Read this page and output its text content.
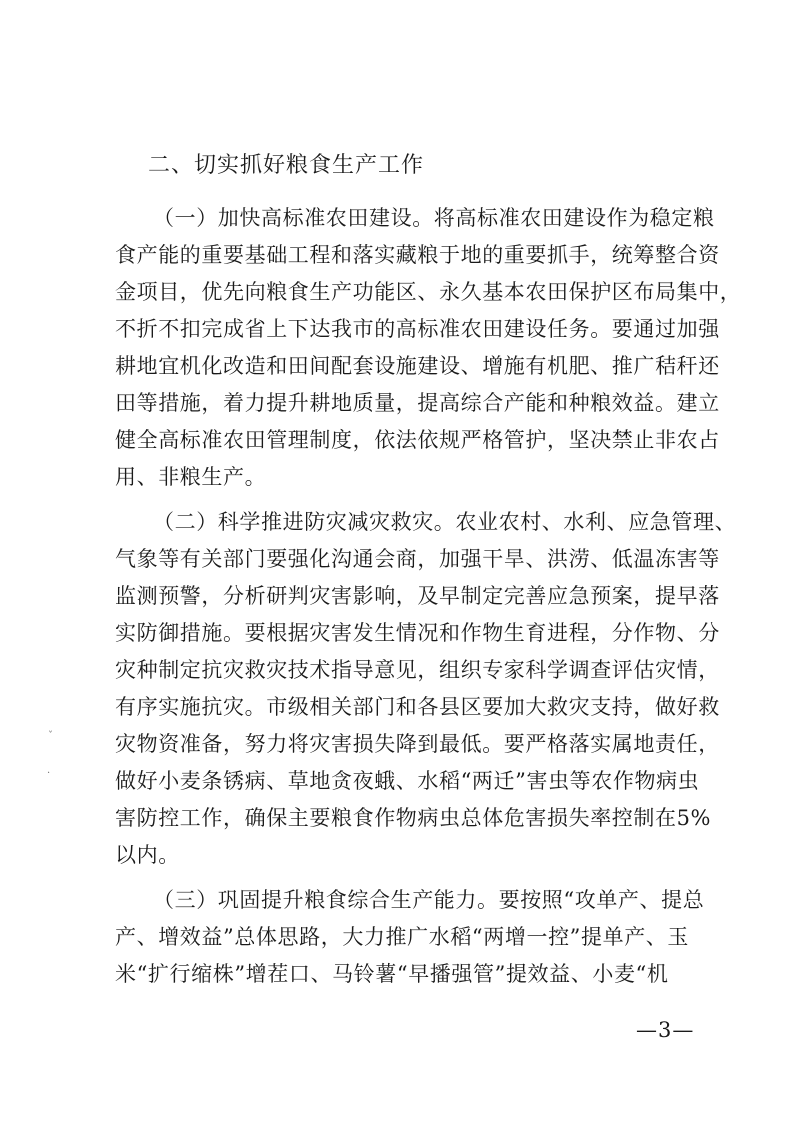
二、切实抓好粮食生产工作
（一）加快高标准农田建设。将高标准农田建设作为稳定粮
食产能的重要基础工程和落实藏粮于地的重要抓手，统筹整合资
金项目，优先向粮食生产功能区、永久基本农田保护区布局集中，
不折不扣完成省上下达我市的高标准农田建设任务。要通过加强
耕地宜机化改造和田间配套设施建设、增施有机肥、推广秸秆还
田等措施，着力提升耕地质量，提高综合产能和种粮效益。建立
健全高标准农田管理制度，依法依规严格管护，坚决禁止非农占
用、非粮生产。
（二）科学推进防灾减灾救灾。农业农村、水利、应急管理、
气象等有关部门要强化沟通会商，加强干旱、洪涝、低温冻害等
监测预警，分析研判灾害影响，及早制定完善应急预案，提早落
实防御措施。要根据灾害发生情况和作物生育进程，分作物、分
灾种制定抗灾救灾技术指导意见，组织专家科学调查评估灾情，
有序实施抗灾。市级相关部门和各县区要加大救灾支持，做好救
灾物资准备，努力将灾害损失降到最低。要严格落实属地责任，
做好小麦条锈病、草地贪夜蛾、水稻“两迁”害虫等农作物病虫
害防控工作，确保主要粮食作物病虫总体危害损失率控制在5%
以内。
（三）巩固提升粮食综合生产能力。要按照“攻单产、提总
产、增效益”总体思路，大力推广水稻“两增一控”提单产、玉
米“扩行缩株”增茬口、马铃薯“早播强管”提效益、小麦“机
ˇ
·
—3—
